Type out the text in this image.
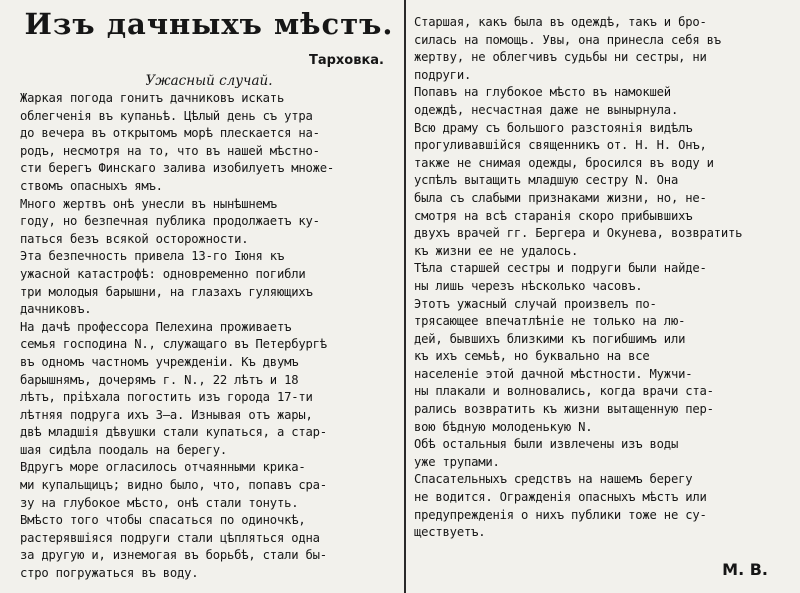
Изъ дачныхъ мѣстъ.
Тарховка.
Ужасный случай.
Жаркая погода гонитъ дачниковъ искать
облегченія въ купаньѣ. Цѣлый день съ утра
до вечера въ открытомъ морѣ плескается на-
родъ, несмотря на то, что въ нашей мѣстно-
сти берегъ Финскаго залива изобилуетъ множе-
ствомъ опасныхъ ямъ.
Много жертвъ онѣ унесли въ нынѣшнемъ
году, но безпечная публика продолжаетъ ку-
паться безъ всякой осторожности.
Эта безпечность привела 13-го Іюня къ
ужасной катастрофѣ: одновременно погибли
три молодыя барышни, на глазахъ гуляющихъ
дачниковъ.
На дачѣ профессора Пелехина проживаетъ
семья господина N., служащаго въ Петербургѣ
въ одномъ частномъ учрежденіи. Къ двумъ
барышнямъ, дочерямъ г. N., 22 лѣтъ и 18
лѣтъ, пріѣхала погостить изъ города 17-ти
лѣтняя подруга ихъ З—а. Изнывая отъ жары,
двѣ младшія дѣвушки стали купаться, а стар-
шая сидѣла поодаль на берегу.
Вдругъ море огласилось отчаянными крика-
ми купальщицъ; видно было, что, попавъ сра-
зу на глубокое мѣсто, онѣ стали тонуть.
Вмѣсто того чтобы спасаться по одиночкѣ,
растерявшіяся подруги стали цѣпляться одна
за другую и, изнемогая въ борьбѣ, стали бы-
стро погружаться въ воду.
Старшая, какъ была въ одеждѣ, такъ и бро-
силась на помощь. Увы, она принесла себя въ
жертву, не облегчивъ судьбы ни сестры, ни
подруги.
Попавъ на глубокое мѣсто въ намокшей
одеждѣ, несчастная даже не вынырнула.
Всю драму съ большого разстоянія видѣлъ
прогуливавшійся священникъ от. Н. Н. Онъ,
также не снимая одежды, бросился въ воду и
успѣлъ вытащить младшую сестру N. Она
была съ слабыми признаками жизни, но, не-
смотря на всѣ старанія скоро прибывшихъ
двухъ врачей гг. Бергера и Окунева, возвратить
къ жизни ее не удалось.
Тѣла старшей сестры и подруги были найде-
ны лишь черезъ нѣсколько часовъ.
Этотъ ужасный случай произвелъ по-
трясающее впечатлѣніе не только на лю-
дей, бывшихъ близкими къ погибшимъ или
къ ихъ семьѣ, но буквально на все
населеніе этой дачной мѣстности. Мужчи-
ны плакали и волновались, когда врачи ста-
рались возвратить къ жизни вытащенную пер-
вою бѣдную молоденькую N.
Обѣ остальныя были извлечены изъ воды
уже трупами.
Спасательныхъ средствъ на нашемъ берегу
не водится. Огражденія опасныхъ мѣстъ или
предупрежденія о нихъ публики тоже не су-
ществуетъ.
М. В.
